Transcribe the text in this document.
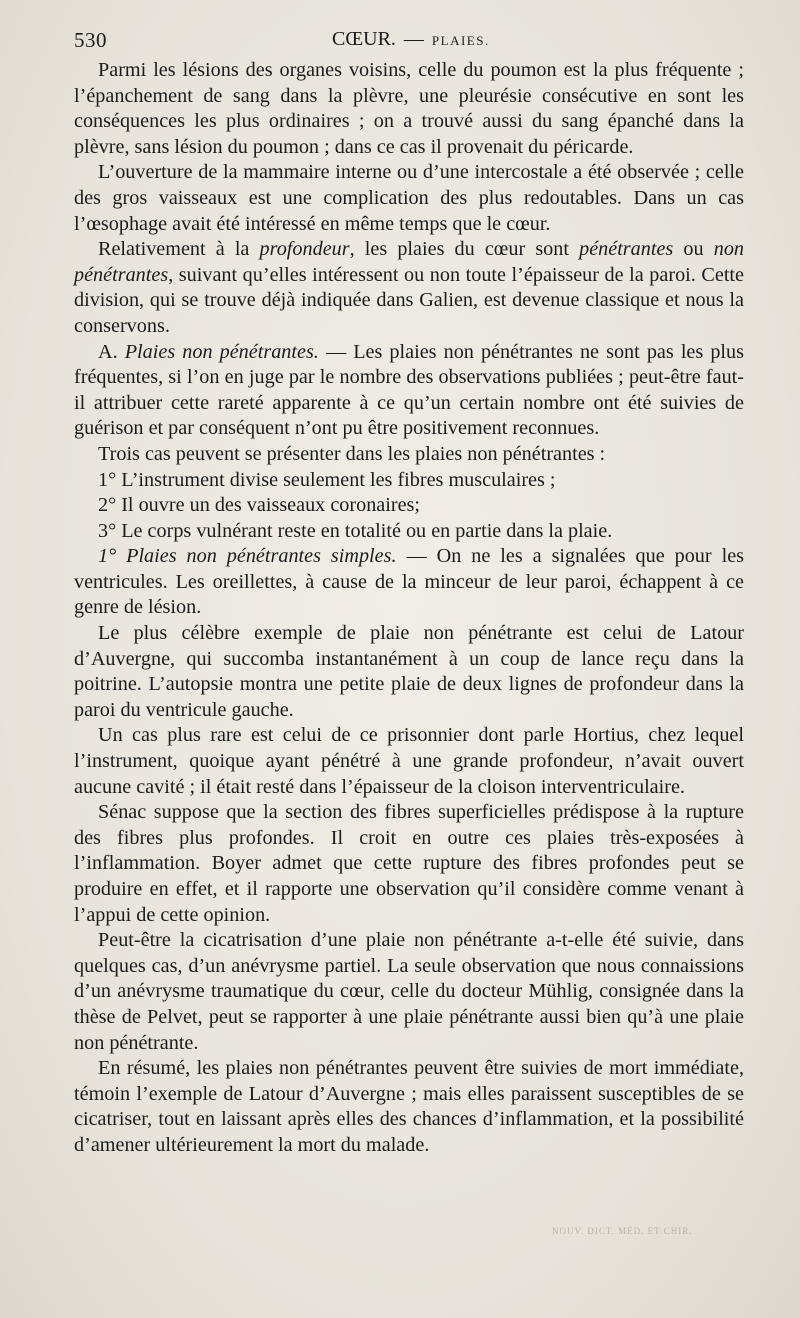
530	CŒUR. — PLAIES.

Parmi les lésions des organes voisins, celle du poumon est la plus fréquente ; l’épanchement de sang dans la plèvre, une pleurésie consécutive en sont les conséquences les plus ordinaires ; on a trouvé aussi du sang épanché dans la plèvre, sans lésion du poumon ; dans ce cas il provenait du péricarde.

L’ouverture de la mammaire interne ou d’une intercostale a été observée ; celle des gros vaisseaux est une complication des plus redoutables. Dans un cas l’œsophage avait été intéressé en même temps que le cœur.

Relativement à la profondeur, les plaies du cœur sont pénétrantes ou non pénétrantes, suivant qu’elles intéressent ou non toute l’épaisseur de la paroi. Cette division, qui se trouve déjà indiquée dans Galien, est devenue classique et nous la conservons.

A. Plaies non pénétrantes. — Les plaies non pénétrantes ne sont pas les plus fréquentes, si l’on en juge par le nombre des observations publiées ; peut-être faut-il attribuer cette rareté apparente à ce qu’un certain nombre ont été suivies de guérison et par conséquent n’ont pu être positivement reconnues.

Trois cas peuvent se présenter dans les plaies non pénétrantes :

1° L’instrument divise seulement les fibres musculaires ;

2° Il ouvre un des vaisseaux coronaires;

3° Le corps vulnérant reste en totalité ou en partie dans la plaie.

1° Plaies non pénétrantes simples. — On ne les a signalées que pour les ventricules. Les oreillettes, à cause de la minceur de leur paroi, échappent à ce genre de lésion.

Le plus célèbre exemple de plaie non pénétrante est celui de Latour d’Auvergne, qui succomba instantanément à un coup de lance reçu dans la poitrine. L’autopsie montra une petite plaie de deux lignes de profondeur dans la paroi du ventricule gauche.

Un cas plus rare est celui de ce prisonnier dont parle Hortius, chez lequel l’instrument, quoique ayant pénétré à une grande profondeur, n’avait ouvert aucune cavité ; il était resté dans l’épaisseur de la cloison interventriculaire.

Sénac suppose que la section des fibres superficielles prédispose à la rupture des fibres plus profondes. Il croit en outre ces plaies très-exposées à l’inflammation. Boyer admet que cette rupture des fibres profondes peut se produire en effet, et il rapporte une observation qu’il considère comme venant à l’appui de cette opinion.

Peut-être la cicatrisation d’une plaie non pénétrante a-t-elle été suivie, dans quelques cas, d’un anévrysme partiel. La seule observation que nous connaissions d’un anévrysme traumatique du cœur, celle du docteur Mühlig, consignée dans la thèse de Pelvet, peut se rapporter à une plaie pénétrante aussi bien qu’à une plaie non pénétrante.

En résumé, les plaies non pénétrantes peuvent être suivies de mort immédiate, témoin l’exemple de Latour d’Auvergne ; mais elles paraissent susceptibles de se cicatriser, tout en laissant après elles des chances d’inflammation, et la possibilité d’amener ultérieurement la mort du malade.

NOUV. DICT. MÉD. ET CHIR.
